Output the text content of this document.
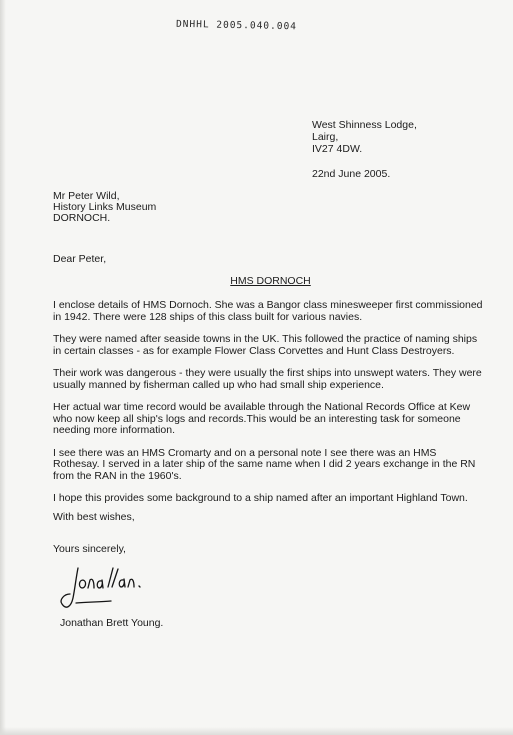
DNHHL 2005.040.004
West Shinness Lodge,
Lairg,
IV27 4DW.
22nd June 2005.
Mr Peter Wild,
History Links Museum
DORNOCH.
Dear Peter,
HMS DORNOCH

I enclose details of HMS Dornoch. She was a Bangor class minesweeper first commissioned in 1942. There were 128 ships of this class built for various navies.

They were named after seaside towns in the UK. This followed the practice of naming ships in certain classes - as for example Flower Class Corvettes and Hunt Class Destroyers.

Their work was dangerous - they were usually the first ships into unswept waters. They were usually manned by fisherman called up who had small ship experience.

Her actual war time record would be available through the National Records Office at Kew who now keep all ship's logs and records.This would be an interesting task for someone needing more information.

I see there was an HMS Cromarty and on a personal note I see there was an HMS Rothesay. I served in a later ship of the same name when I did 2 years exchange in the RN from the RAN in the 1960's.

I hope this provides some background to a ship named after an important Highland Town.

With best wishes,
Yours sincerely,
Jonathan Brett Young.
